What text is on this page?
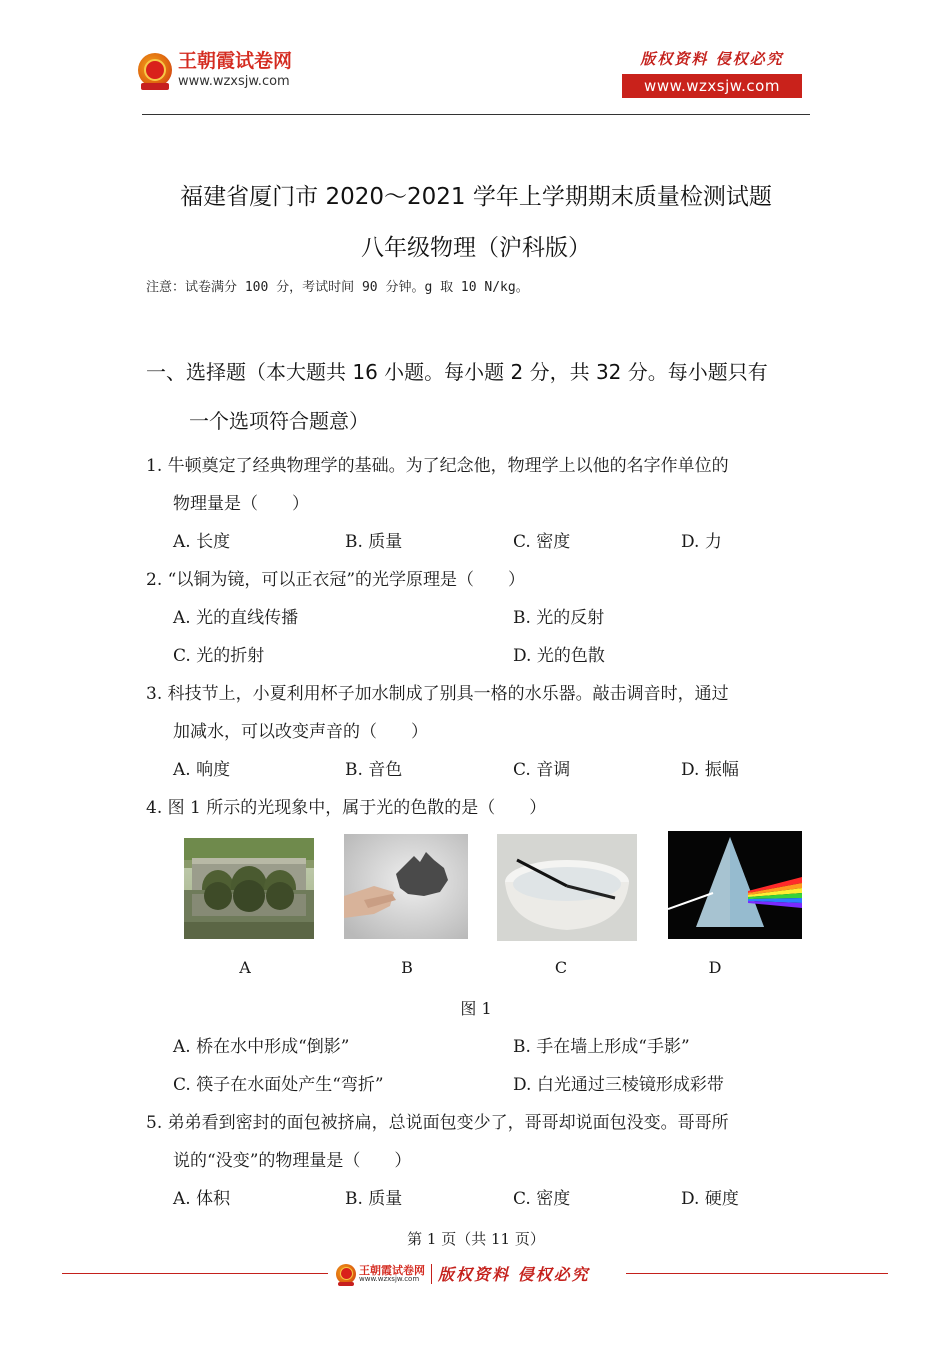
王朝霞试卷网
www.wzxsjw.com
版权资料 侵权必究
www.wzxsjw.com
福建省厦门市 2020～2021 学年上学期期末质量检测试题
八年级物理（沪科版）
注意：试卷满分 100 分，考试时间 90 分钟。g 取 10 N/kg。
一、选择题（本大题共 16 小题。每小题 2 分，共 32 分。每小题只有
一个选项符合题意）
1. 牛顿奠定了经典物理学的基础。为了纪念他，物理学上以他的名字作单位的
物理量是（　　）
A. 长度	B. 质量	C. 密度	D. 力
2. “以铜为镜，可以正衣冠”的光学原理是（　　）
A. 光的直线传播	B. 光的反射
C. 光的折射	D. 光的色散
3. 科技节上，小夏利用杯子加水制成了别具一格的水乐器。敲击调音时，通过
加减水，可以改变声音的（　　）
A. 响度	B. 音色	C. 音调	D. 振幅
4. 图 1 所示的光现象中，属于光的色散的是（　　）
A	B	C	D
图 1
A. 桥在水中形成“倒影”	B. 手在墙上形成“手影”
C. 筷子在水面处产生“弯折”	D. 白光通过三棱镜形成彩带
5. 弟弟看到密封的面包被挤扁，总说面包变少了，哥哥却说面包没变。哥哥所
说的“没变”的物理量是（　　）
A. 体积	B. 质量	C. 密度	D. 硬度
第 1 页（共 11 页）
王朝霞试卷网
www.wzxsjw.com	版权资料 侵权必究
